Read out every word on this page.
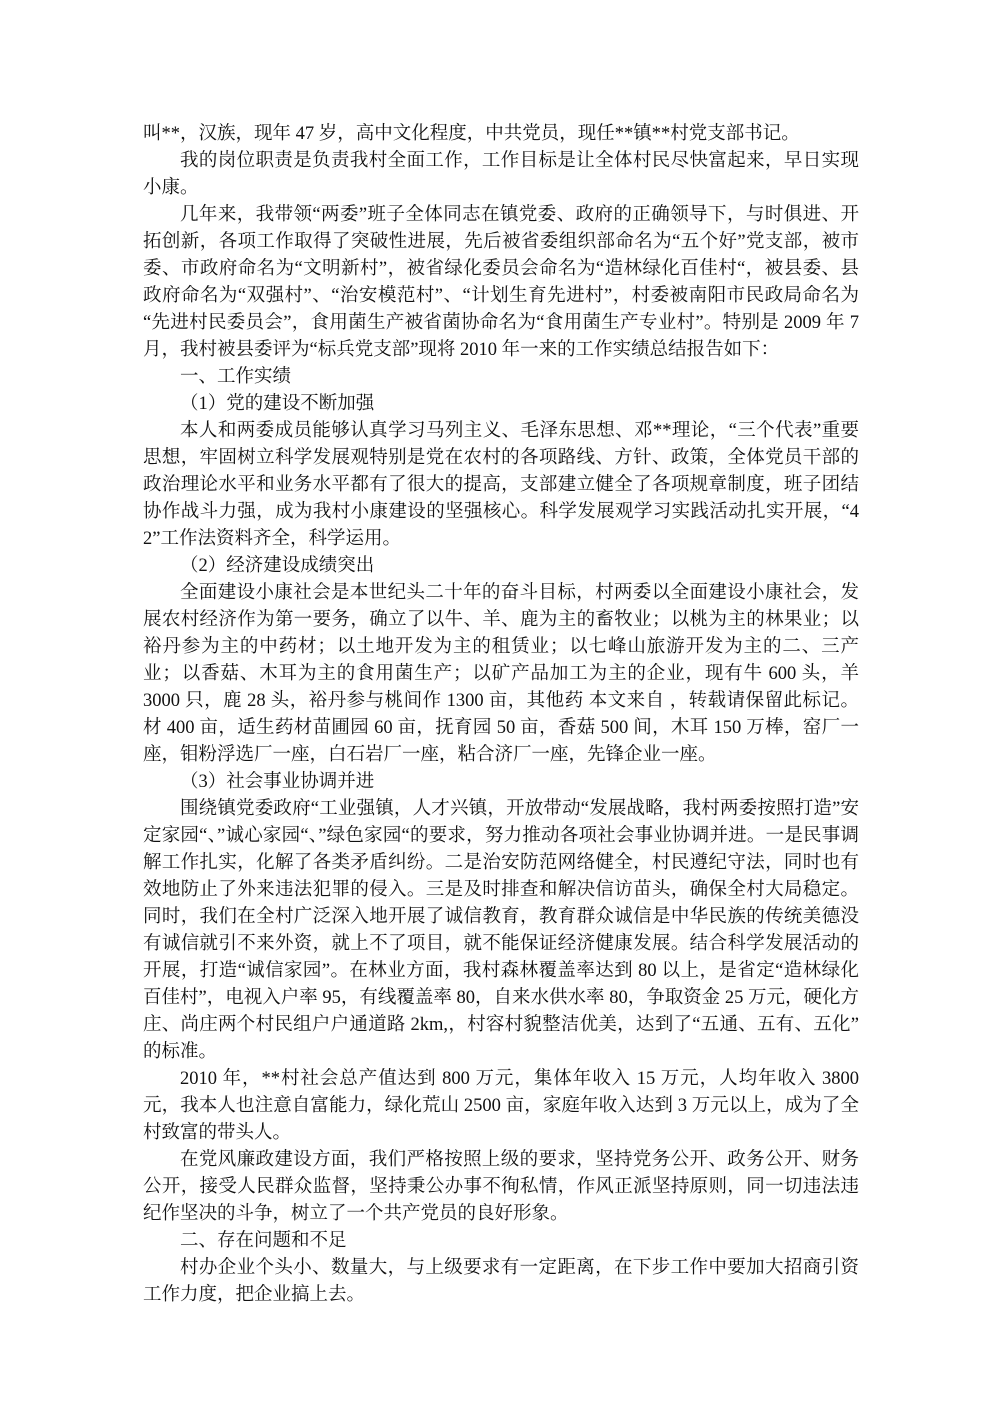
叫**，汉族，现年 47 岁，高中文化程度，中共党员，现任**镇**村党支部书记。

我的岗位职责是负责我村全面工作，工作目标是让全体村民尽快富起来，早日实现小康。

几年来，我带领“两委”班子全体同志在镇党委、政府的正确领导下，与时俱进、开拓创新，各项工作取得了突破性进展，先后被省委组织部命名为“五个好”党支部，被市委、市政府命名为“文明新村”，被省绿化委员会命名为“造林绿化百佳村“，被县委、县政府命名为“双强村”、“治安模范村”、“计划生育先进村”，村委被南阳市民政局命名为“先进村民委员会”，食用菌生产被省菌协命名为“食用菌生产专业村”。特别是 2009 年 7 月，我村被县委评为“标兵党支部”现将 2010 年一来的工作实绩总结报告如下：

一、工作实绩

（1）党的建设不断加强

本人和两委成员能够认真学习马列主义、毛泽东思想、邓**理论，“三个代表”重要思想，牢固树立科学发展观特别是党在农村的各项路线、方针、政策，全体党员干部的政治理论水平和业务水平都有了很大的提高，支部建立健全了各项规章制度，班子团结协作战斗力强，成为我村小康建设的坚强核心。科学发展观学习实践活动扎实开展，“4 2”工作法资料齐全，科学运用。

（2）经济建设成绩突出

全面建设小康社会是本世纪头二十年的奋斗目标，村两委以全面建设小康社会，发展农村经济作为第一要务，确立了以牛、羊、鹿为主的畜牧业；以桃为主的林果业；以裕丹参为主的中药材；以土地开发为主的租赁业；以七峰山旅游开发为主的二、三产业；以香菇、木耳为主的食用菌生产；以矿产品加工为主的企业，现有牛 600 头，羊 3000 只，鹿 28 头，裕丹参与桃间作 1300 亩，其他药 本文来自 ，转载请保留此标记。 材 400 亩，适生药材苗圃园 60 亩，抚育园 50 亩，香菇 500 间，木耳 150 万棒，窑厂一座，钼粉浮选厂一座，白石岩厂一座，粘合济厂一座，先锋企业一座。

（3）社会事业协调并进

围绕镇党委政府“工业强镇，人才兴镇，开放带动“发展战略，我村两委按照打造”安定家园“、”诚心家园“、”绿色家园“的要求，努力推动各项社会事业协调并进。一是民事调解工作扎实，化解了各类矛盾纠纷。二是治安防范网络健全，村民遵纪守法，同时也有效地防止了外来违法犯罪的侵入。三是及时排查和解决信访苗头，确保全村大局稳定。同时，我们在全村广泛深入地开展了诚信教育，教育群众诚信是中华民族的传统美德没有诚信就引不来外资，就上不了项目，就不能保证经济健康发展。结合科学发展活动的开展，打造“诚信家园”。在林业方面，我村森林覆盖率达到 80 以上，是省定“造林绿化百佳村”，电视入户率 95，有线覆盖率 80，自来水供水率 80，争取资金 25 万元，硬化方庄、尚庄两个村民组户户通道路 2km,，村容村貌整洁优美，达到了“五通、五有、五化”的标准。

2010 年，**村社会总产值达到 800 万元，集体年收入 15 万元，人均年收入 3800 元，我本人也注意自富能力，绿化荒山 2500 亩，家庭年收入达到 3 万元以上，成为了全村致富的带头人。

在党风廉政建设方面，我们严格按照上级的要求，坚持党务公开、政务公开、财务公开，接受人民群众监督，坚持秉公办事不徇私情，作风正派坚持原则，同一切违法违纪作坚决的斗争，树立了一个共产党员的良好形象。

二、存在问题和不足

村办企业个头小、数量大，与上级要求有一定距离，在下步工作中要加大招商引资工作力度，把企业搞上去。
